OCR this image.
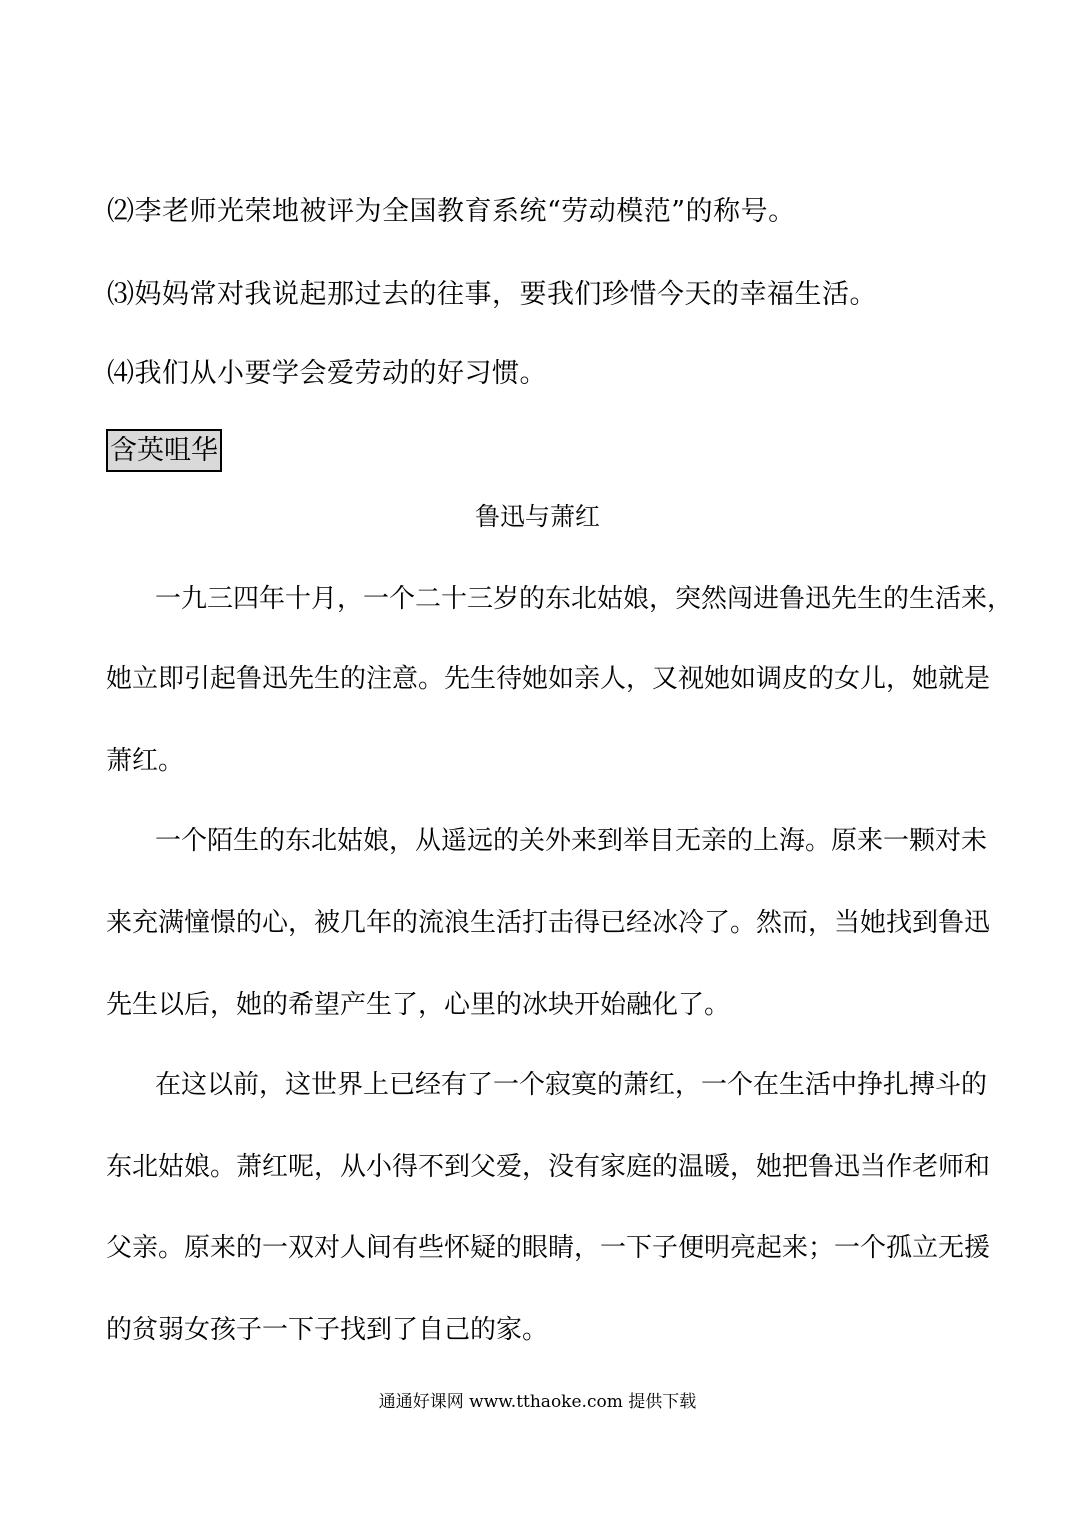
⑵李老师光荣地被评为全国教育系统“劳动模范”的称号。
⑶妈妈常对我说起那过去的往事，要我们珍惜今天的幸福生活。
⑷我们从小要学会爱劳动的好习惯。
含英咀华
鲁迅与萧红
一九三四年十月，一个二十三岁的东北姑娘，突然闯进鲁迅先生的生活来，
她立即引起鲁迅先生的注意。先生待她如亲人，又视她如调皮的女儿，她就是
萧红。
一个陌生的东北姑娘，从遥远的关外来到举目无亲的上海。原来一颗对未
来充满憧憬的心，被几年的流浪生活打击得已经冰冷了。然而，当她找到鲁迅
先生以后，她的希望产生了，心里的冰块开始融化了。
在这以前，这世界上已经有了一个寂寞的萧红，一个在生活中挣扎搏斗的
东北姑娘。萧红呢，从小得不到父爱，没有家庭的温暖，她把鲁迅当作老师和
父亲。原来的一双对人间有些怀疑的眼睛，一下子便明亮起来；一个孤立无援
的贫弱女孩子一下子找到了自己的家。
通通好课网 www.tthaoke.com 提供下载
